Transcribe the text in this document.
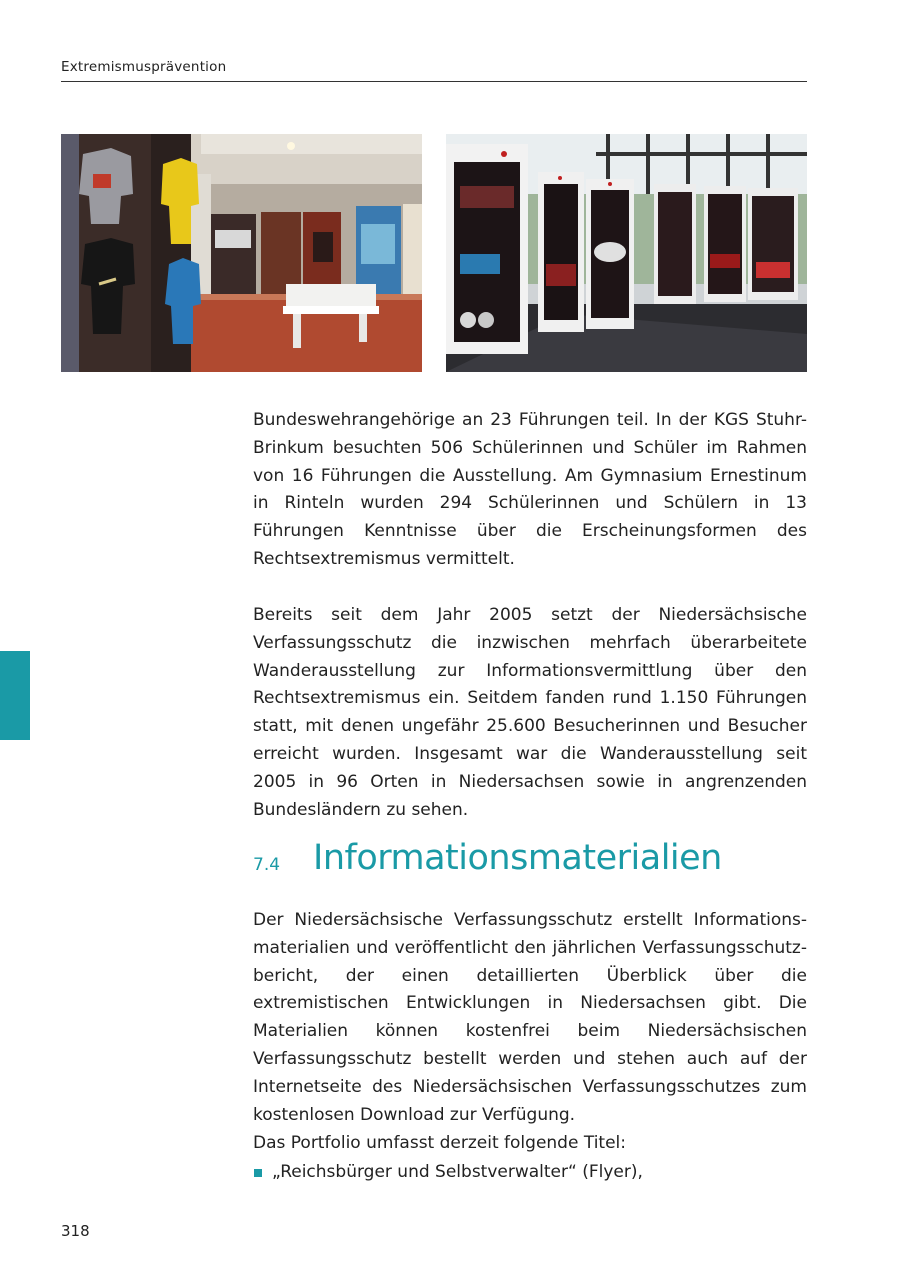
Extremismusprävention

Bundeswehrangehörige an 23 Führungen teil. In der KGS Stuhr-Brinkum besuchten 506 Schülerinnen und Schüler im Rahmen von 16 Führungen die Ausstellung. Am Gymnasium Ernestinum in Rinteln wurden 294 Schülerinnen und Schülern in 13 Führungen Kenntnisse über die Erscheinungsformen des Rechtsextremismus vermittelt.

Bereits seit dem Jahr 2005 setzt der Niedersächsische Verfassungsschutz die inzwischen mehrfach überarbeitete Wanderausstellung zur Informationsvermittlung über den Rechtsextremismus ein. Seitdem fanden rund 1.150 Führungen statt, mit denen ungefähr 25.600 Besucherinnen und Besucher erreicht wurden. Insgesamt war die Wanderausstellung seit 2005 in 96 Orten in Niedersachsen sowie in angrenzenden Bundesländern zu sehen.

7.4 Informationsmaterialien

Der Niedersächsische Verfassungsschutz erstellt Informationsmaterialien und veröffentlicht den jährlichen Verfassungsschutzbericht, der einen detaillierten Überblick über die extremistischen Entwicklungen in Niedersachsen gibt. Die Materialien können kostenfrei beim Niedersächsischen Verfassungsschutz bestellt werden und stehen auch auf der Internetseite des Niedersächsischen Verfassungsschutzes zum kostenlosen Download zur Verfügung.

Das Portfolio umfasst derzeit folgende Titel:

„Reichsbürger und Selbstverwalter“ (Flyer),
318
